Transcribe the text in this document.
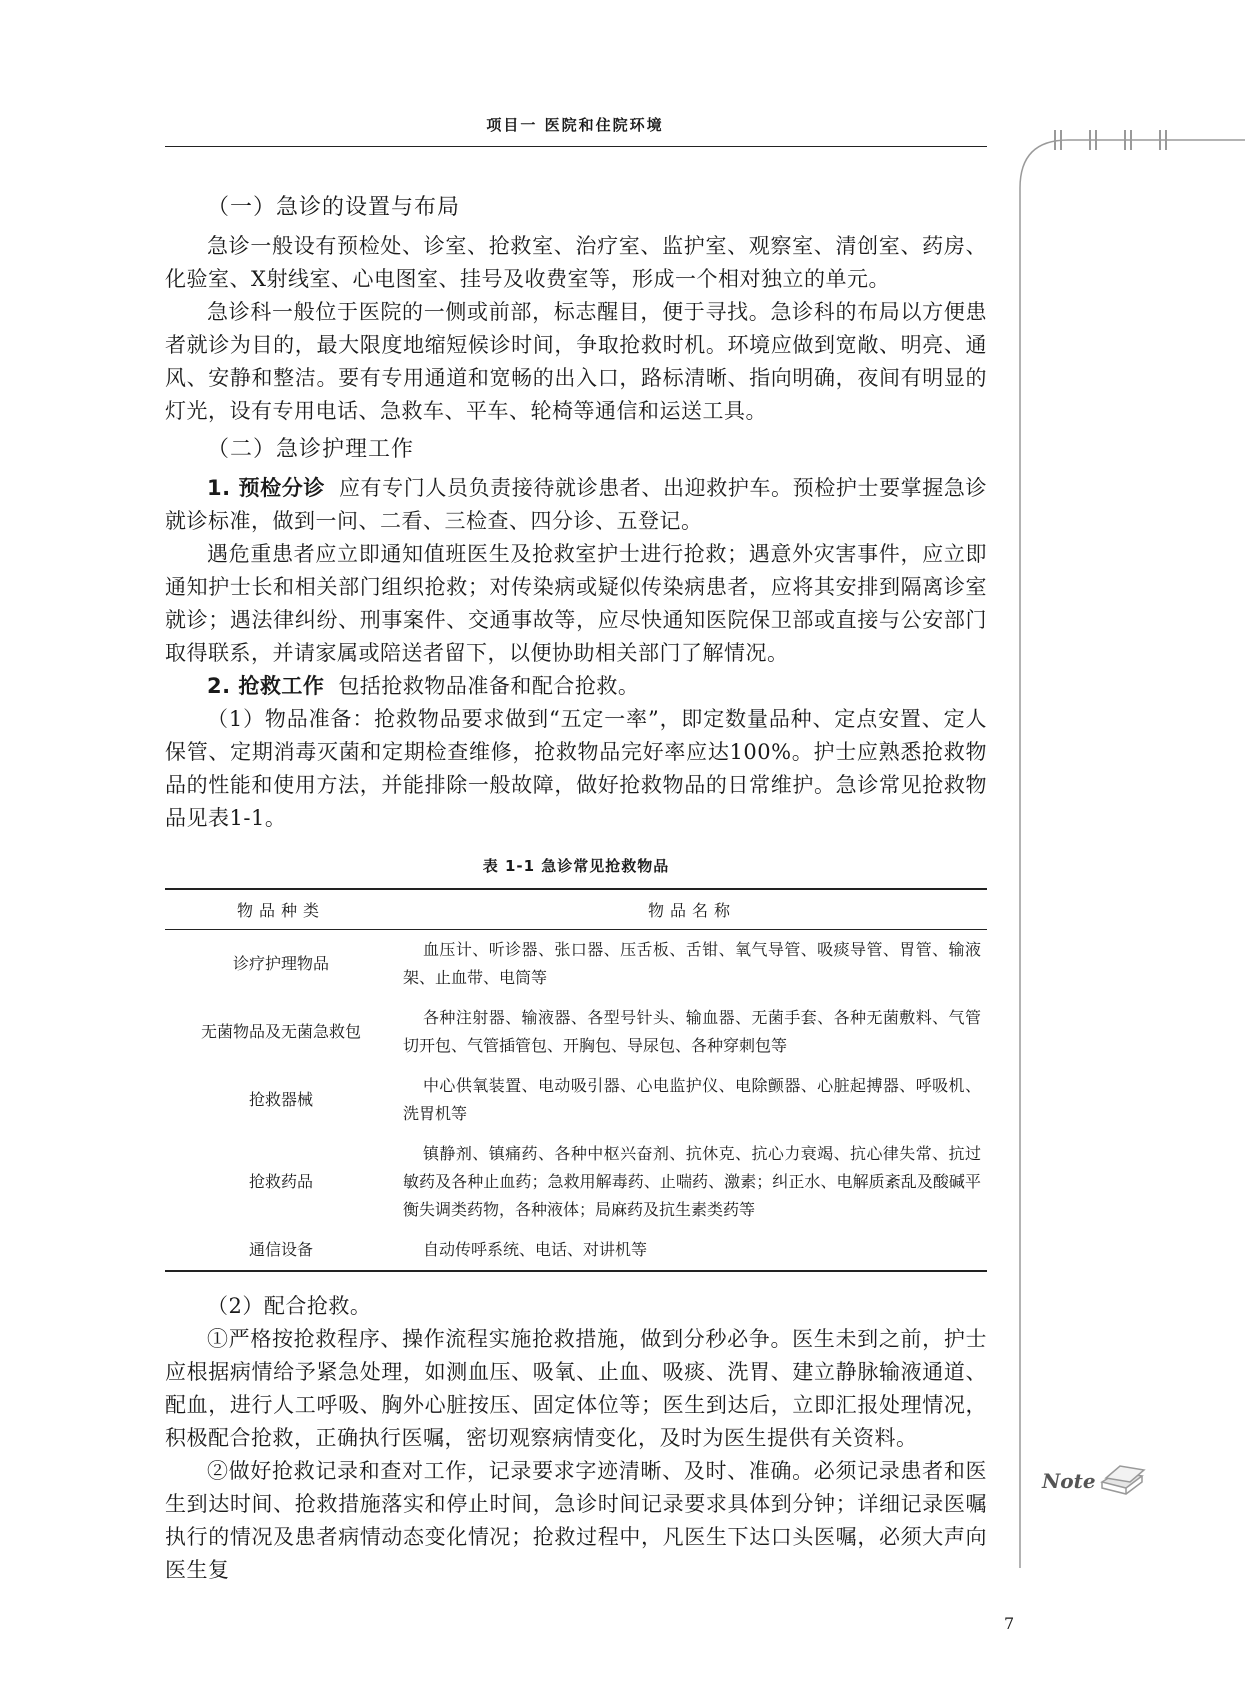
项目一 医院和住院环境
Note
（一）急诊的设置与布局

急诊一般设有预检处、诊室、抢救室、治疗室、监护室、观察室、清创室、药房、化验室、X射线室、心电图室、挂号及收费室等，形成一个相对独立的单元。

急诊科一般位于医院的一侧或前部，标志醒目，便于寻找。急诊科的布局以方便患者就诊为目的，最大限度地缩短候诊时间，争取抢救时机。环境应做到宽敞、明亮、通风、安静和整洁。要有专用通道和宽畅的出入口，路标清晰、指向明确，夜间有明显的灯光，设有专用电话、急救车、平车、轮椅等通信和运送工具。

（二）急诊护理工作

1. 预检分诊 应有专门人员负责接待就诊患者、出迎救护车。预检护士要掌握急诊就诊标准，做到一问、二看、三检查、四分诊、五登记。

遇危重患者应立即通知值班医生及抢救室护士进行抢救；遇意外灾害事件，应立即通知护士长和相关部门组织抢救；对传染病或疑似传染病患者，应将其安排到隔离诊室就诊；遇法律纠纷、刑事案件、交通事故等，应尽快通知医院保卫部或直接与公安部门取得联系，并请家属或陪送者留下，以便协助相关部门了解情况。

2. 抢救工作 包括抢救物品准备和配合抢救。

（1）物品准备：抢救物品要求做到“五定一率”，即定数量品种、定点安置、定人保管、定期消毒灭菌和定期检查维修，抢救物品完好率应达100%。护士应熟悉抢救物品的性能和使用方法，并能排除一般故障，做好抢救物品的日常维护。急诊常见抢救物品见表1-1。

表 1-1 急诊常见抢救物品
物品种类	物品名称
诊疗护理物品	血压计、听诊器、张口器、压舌板、舌钳、氧气导管、吸痰导管、胃管、输液架、止血带、电筒等
无菌物品及无菌急救包	各种注射器、输液器、各型号针头、输血器、无菌手套、各种无菌敷料、气管切开包、气管插管包、开胸包、导尿包、各种穿刺包等
抢救器械	中心供氧装置、电动吸引器、心电监护仪、电除颤器、心脏起搏器、呼吸机、洗胃机等
抢救药品	镇静剂、镇痛药、各种中枢兴奋剂、抗休克、抗心力衰竭、抗心律失常、抗过敏药及各种止血药；急救用解毒药、止喘药、激素；纠正水、电解质紊乱及酸碱平衡失调类药物，各种液体；局麻药及抗生素类药等
通信设备	自动传呼系统、电话、对讲机等

（2）配合抢救。

①严格按抢救程序、操作流程实施抢救措施，做到分秒必争。医生未到之前，护士应根据病情给予紧急处理，如测血压、吸氧、止血、吸痰、洗胃、建立静脉输液通道、配血，进行人工呼吸、胸外心脏按压、固定体位等；医生到达后，立即汇报处理情况，积极配合抢救，正确执行医嘱，密切观察病情变化，及时为医生提供有关资料。

②做好抢救记录和查对工作，记录要求字迹清晰、及时、准确。必须记录患者和医生到达时间、抢救措施落实和停止时间，急诊时间记录要求具体到分钟；详细记录医嘱执行的情况及患者病情动态变化情况；抢救过程中，凡医生下达口头医嘱，必须大声向医生复

7
